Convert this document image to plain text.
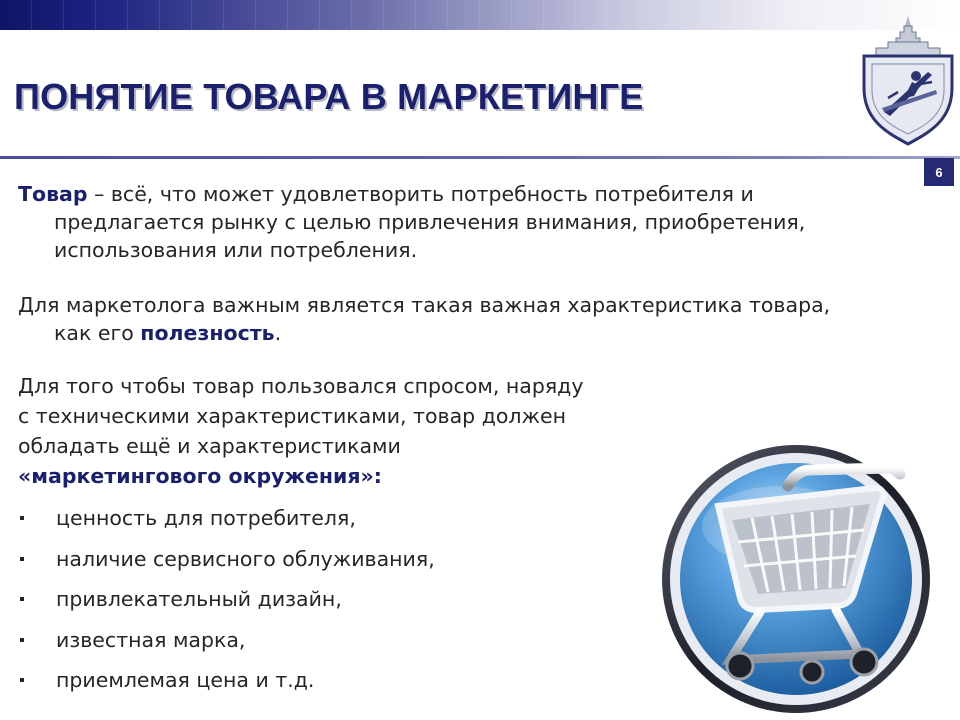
ПОНЯТИЕ ТОВАРА В МАРКЕТИНГЕ
6

Товар – всё, что может удовлетворить потребность потребителя и
предлагается рынку с целью привлечения внимания, приобретения,
использования или потребления.

Для маркетолога важным является такая важная характеристика товара,
как его полезность.

Для того чтобы товар пользовался спросом, наряду
с техническими характеристиками, товар должен
обладать ещё и характеристиками
«маркетингового окружения»:

ценность для потребителя,
наличие сервисного облуживания,
привлекательный дизайн,
известная марка,
приемлемая цена и т.д.
